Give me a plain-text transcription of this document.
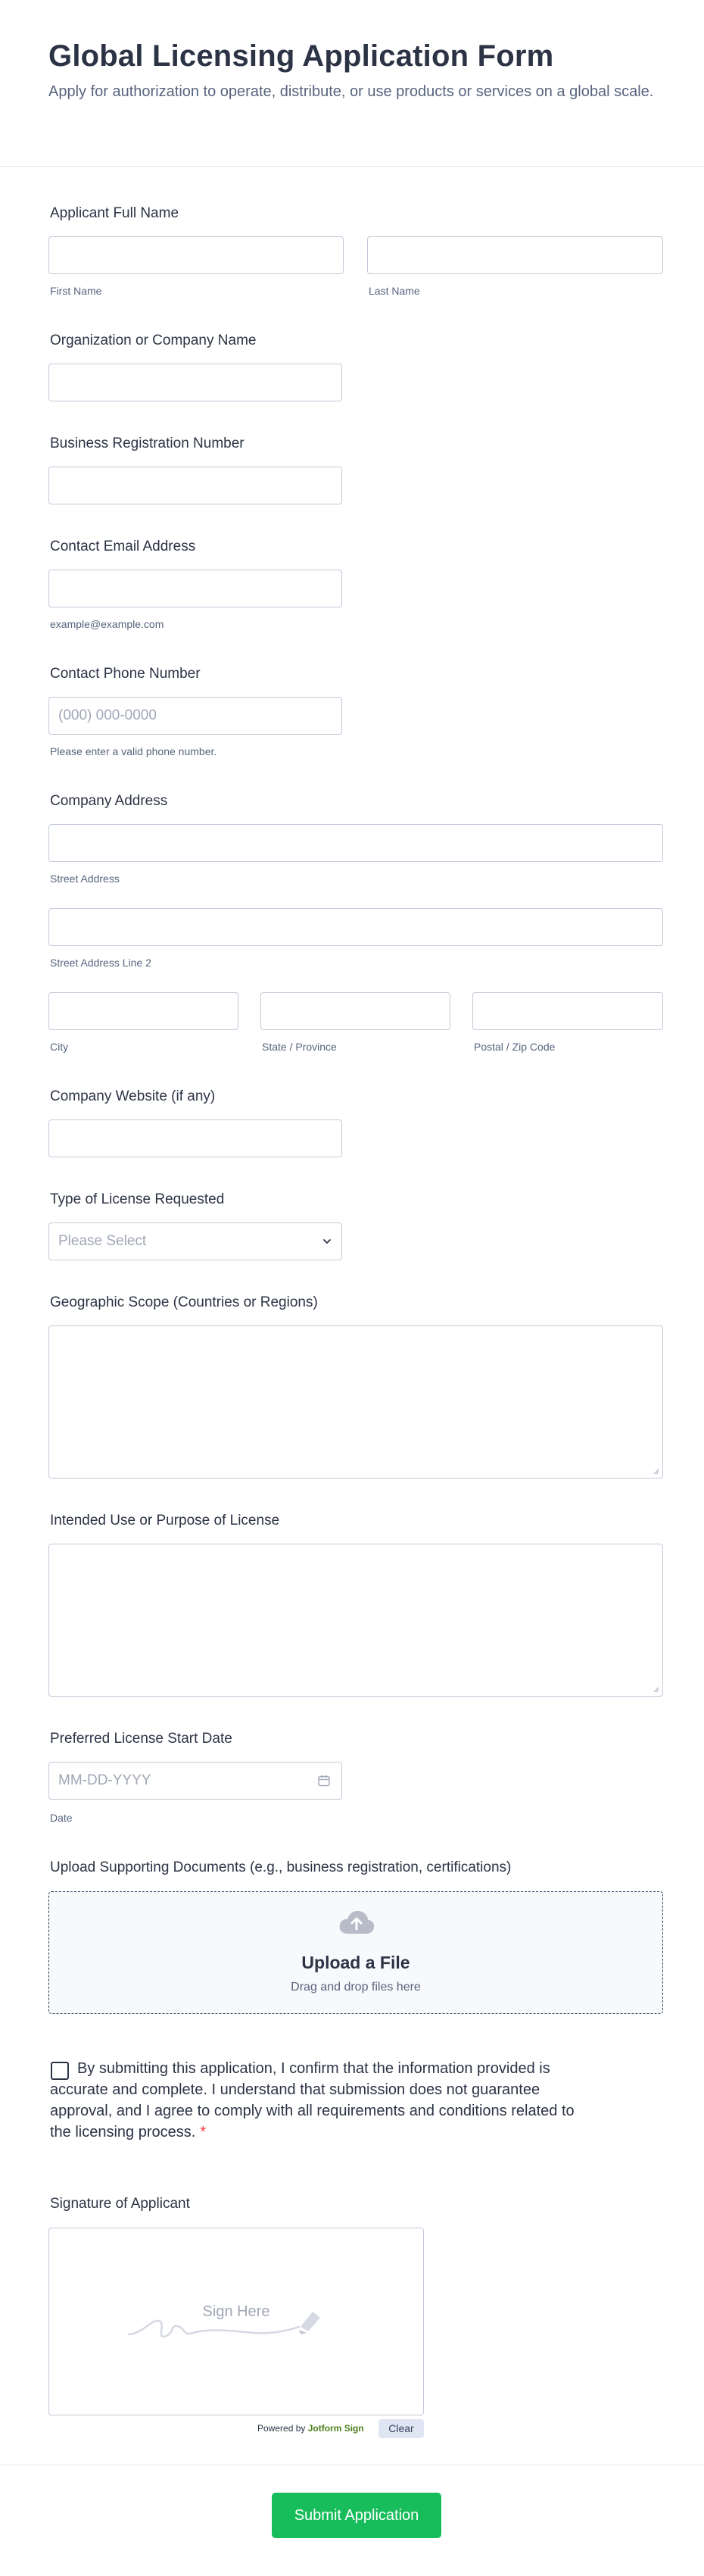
Global Licensing Application Form
Apply for authorization to operate, distribute, or use products or services on a global scale.
Applicant Full Name
First Name	Last Name
Organization or Company Name
Business Registration Number
Contact Email Address
example@example.com
Contact Phone Number
(000) 000-0000
Please enter a valid phone number.
Company Address
Street Address
Street Address Line 2
City	State / Province	Postal / Zip Code
Company Website (if any)
Type of License Requested
Please Select
Geographic Scope (Countries or Regions)
Intended Use or Purpose of License
Preferred License Start Date
MM-DD-YYYY
Date
Upload Supporting Documents (e.g., business registration, certifications)
Upload a File
Drag and drop files here
By submitting this application, I confirm that the information provided is accurate and complete. I understand that submission does not guarantee approval, and I agree to comply with all requirements and conditions related to the licensing process. *
Signature of Applicant
Sign Here
Powered by Jotform Sign	Clear
Submit Application
